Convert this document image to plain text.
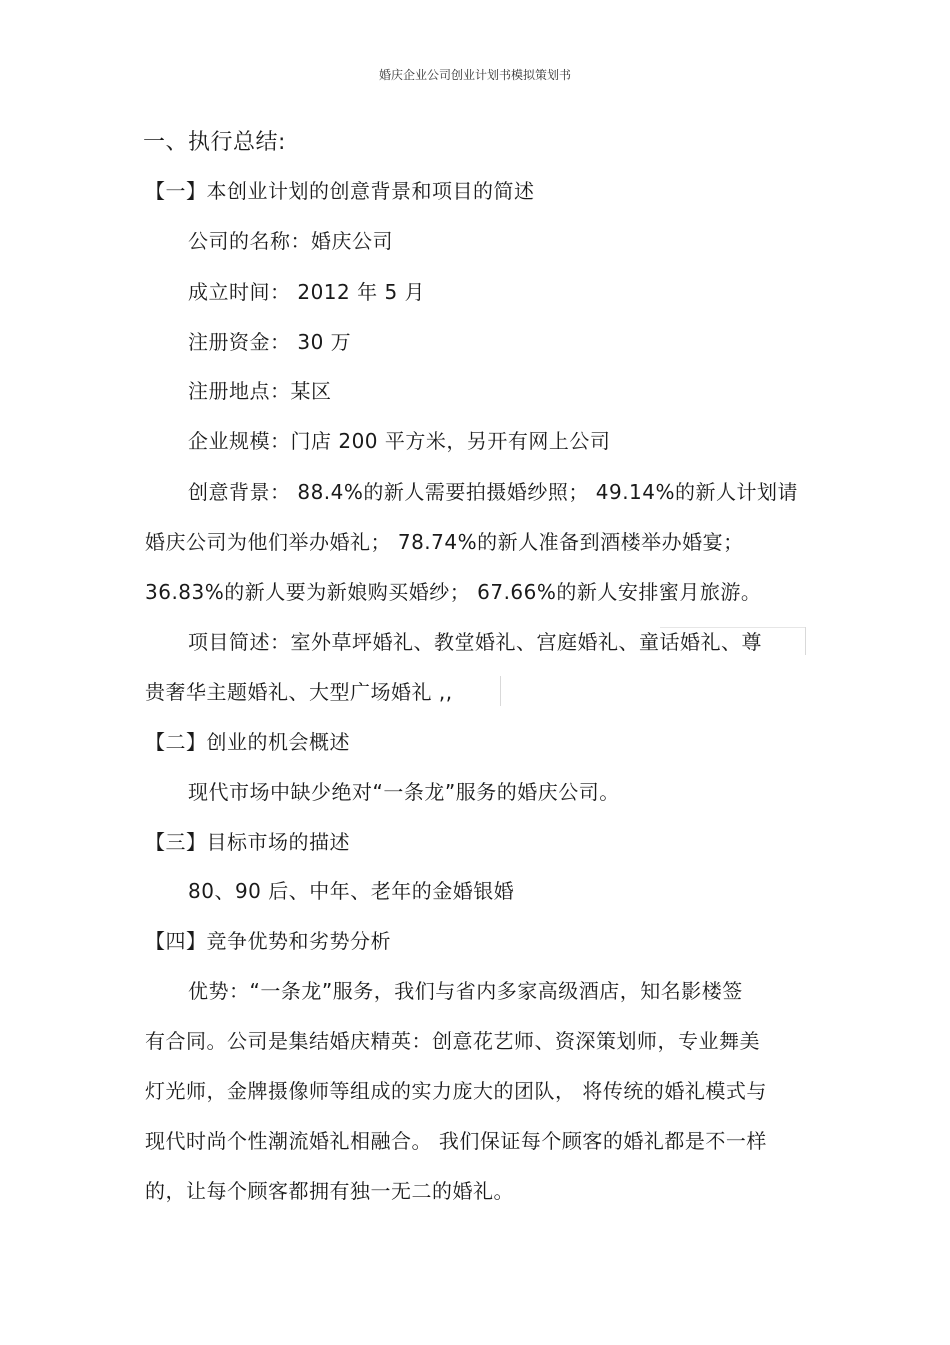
婚庆企业公司创业计划书模拟策划书
一、执行总结:
【一】本创业计划的创意背景和项目的简述
公司的名称：婚庆公司
成立时间： 2012 年 5 月
注册资金： 30 万
注册地点：某区
企业规模：门店 200 平方米，另开有网上公司
创意背景： 88.4%的新人需要拍摄婚纱照； 49.14%的新人计划请
婚庆公司为他们举办婚礼； 78.74%的新人准备到酒楼举办婚宴；
36.83%的新人要为新娘购买婚纱； 67.66%的新人安排蜜月旅游。
项目简述：室外草坪婚礼、教堂婚礼、宫庭婚礼、童话婚礼、尊
贵奢华主题婚礼、大型广场婚礼 ,,
【二】创业的机会概述
现代市场中缺少绝对“一条龙”服务的婚庆公司。
【三】目标市场的描述
80、90 后、中年、老年的金婚银婚
【四】竞争优势和劣势分析
优势：“一条龙”服务，我们与省内多家高级酒店，知名影楼签
有合同。公司是集结婚庆精英：创意花艺师、资深策划师，专业舞美
灯光师，金牌摄像师等组成的实力庞大的团队， 将传统的婚礼模式与
现代时尚个性潮流婚礼相融合。 我们保证每个顾客的婚礼都是不一样
的，让每个顾客都拥有独一无二的婚礼。
